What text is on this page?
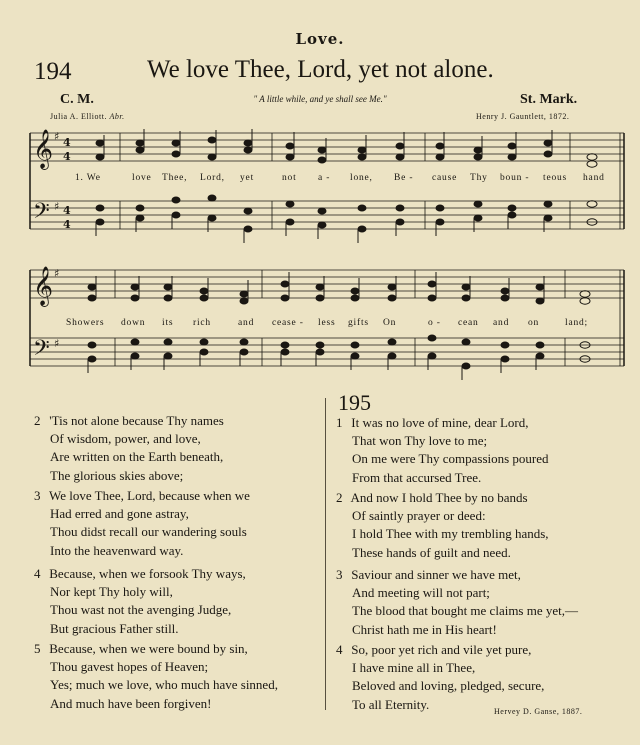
Love.
194	We love Thee, Lord, yet not alone.
C. M.	" A little while, and ye shall see Me."	St. Mark.
Julia A. Elliott. Abr.	Henry J. Gauntlett, 1872.
𝄞
𝄢
𝄞
𝄢
♯
♯
♯
♯
4
4
4
4
1. We	love Thee, Lord, yet	not a - lone, Be - cause Thy boun - teous hand
Showers down its rich	and cease - less gifts On	o - cean and on	land;
195
2 'Tis not alone because Thy names
Of wisdom, power, and love,
Are written on the Earth beneath,
The glorious skies above;
3 We love Thee, Lord, because when we
Had erred and gone astray,
Thou didst recall our wandering souls
Into the heavenward way.
4 Because, when we forsook Thy ways,
Nor kept Thy holy will,
Thou wast not the avenging Judge,
But gracious Father still.
5 Because, when we were bound by sin,
Thou gavest hopes of Heaven;
Yes; much we love, who much have sinned,
And much have been forgiven!
1 It was no love of mine, dear Lord,
That won Thy love to me;
On me were Thy compassions poured
From that accursed Tree.
2 And now I hold Thee by no bands
Of saintly prayer or deed:
I hold Thee with my trembling hands,
These hands of guilt and need.
3 Saviour and sinner we have met,
And meeting will not part;
The blood that bought me claims me yet,—
Christ hath me in His heart!
4 So, poor yet rich and vile yet pure,
I have mine all in Thee,
Beloved and loving, pledged, secure,
To all Eternity.	Hervey D. Ganse, 1887.
